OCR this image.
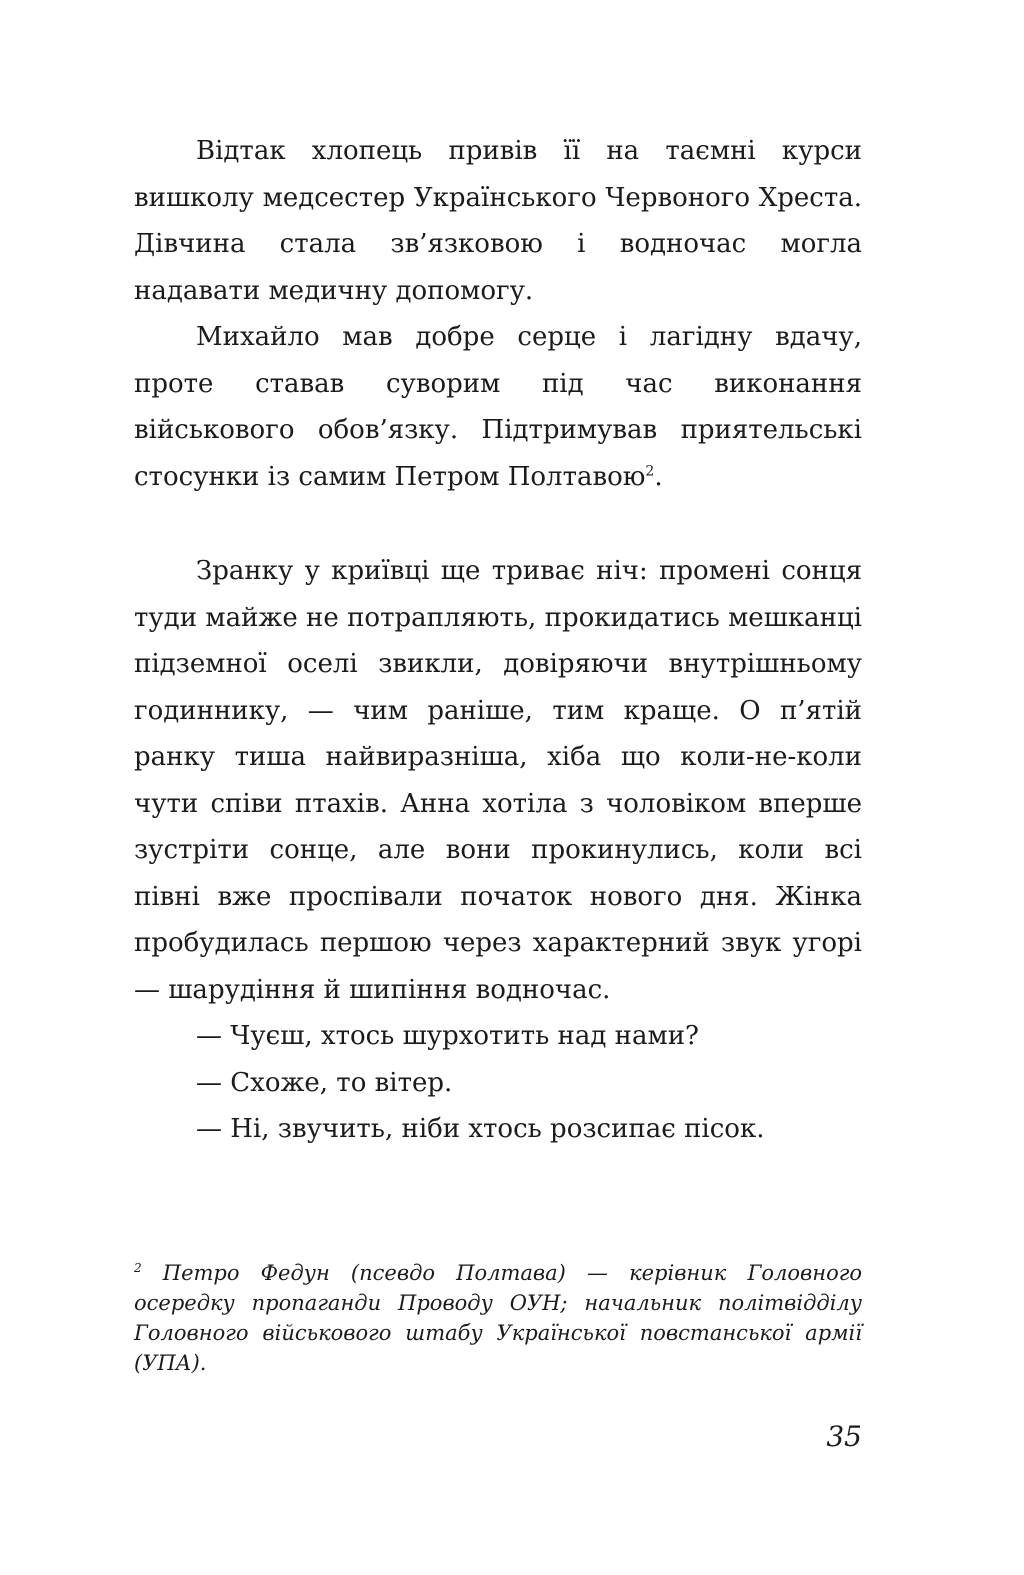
Відтак хлопець привів її на таємні курси вишколу медсестер Українського Червоного Хреста. Дівчина стала зв’язковою і водночас могла надавати медичну допомогу.

Михайло мав добре серце і лагідну вдачу, проте ставав суворим під час виконання військового обов’язку. Підтримував приятельські стосунки із самим Петром Полтавою$^2$.

Зранку у криївці ще триває ніч: промені сонця туди майже не потрапляють, прокидатись мешканці підземної оселі звикли, довіряючи внутрішньому годиннику, — чим раніше, тим краще. О п’ятій ранку тиша найвиразніша, хіба що коли-не-коли чути співи птахів. Анна хотіла з чоловіком вперше зустріти сонце, але вони прокинулись, коли всі півні вже проспівали початок нового дня. Жінка пробудилась першою через характерний звук угорі — шарудіння й шипіння водночас.

— Чуєш, хтось шурхотить над нами?

— Схоже, то вітер.

— Ні, звучить, ніби хтось розсипає пісок.

$^2$ Петро Федун (псевдо Полтава) — керівник Головного осередку пропаганди Проводу ОУН; начальник політвідділу Головного військового штабу Української повстанської армії (УПА).

35
